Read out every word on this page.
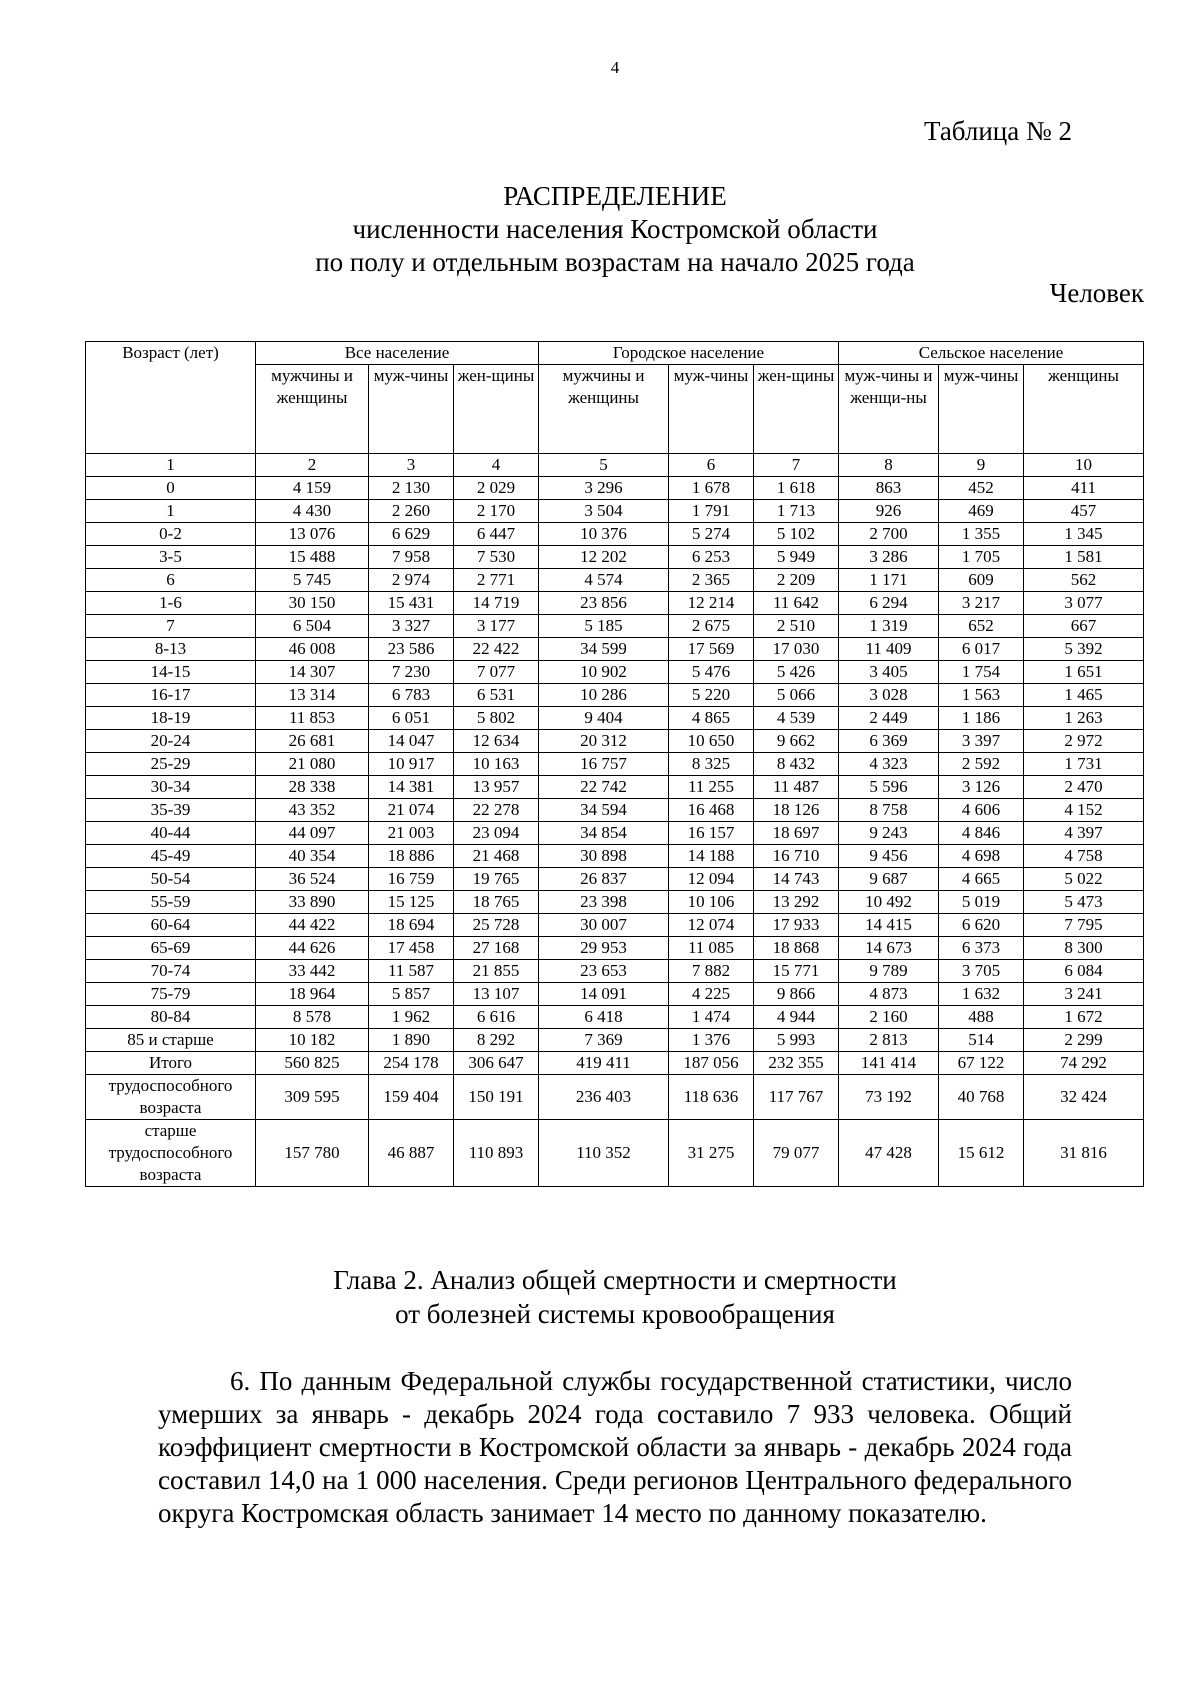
4
Таблица № 2
РАСПРЕДЕЛЕНИЕ
численности населения Костромской области
по полу и отдельным возрастам на начало 2025 года
Человек
Возраст (лет)	Все население			Городское население			Сельское население		
	мужчины и женщины	муж-чины	жен-щины	мужчины и женщины	муж-чины	жен-щины	муж-чины и женщи-ны	муж-чины	женщины
1	2	3	4	5	6	7	8	9	10
0	4 159	2 130	2 029	3 296	1 678	1 618	863	452	411
1	4 430	2 260	2 170	3 504	1 791	1 713	926	469	457
0-2	13 076	6 629	6 447	10 376	5 274	5 102	2 700	1 355	1 345
3-5	15 488	7 958	7 530	12 202	6 253	5 949	3 286	1 705	1 581
6	5 745	2 974	2 771	4 574	2 365	2 209	1 171	609	562
1-6	30 150	15 431	14 719	23 856	12 214	11 642	6 294	3 217	3 077
7	6 504	3 327	3 177	5 185	2 675	2 510	1 319	652	667
8-13	46 008	23 586	22 422	34 599	17 569	17 030	11 409	6 017	5 392
14-15	14 307	7 230	7 077	10 902	5 476	5 426	3 405	1 754	1 651
16-17	13 314	6 783	6 531	10 286	5 220	5 066	3 028	1 563	1 465
18-19	11 853	6 051	5 802	9 404	4 865	4 539	2 449	1 186	1 263
20-24	26 681	14 047	12 634	20 312	10 650	9 662	6 369	3 397	2 972
25-29	21 080	10 917	10 163	16 757	8 325	8 432	4 323	2 592	1 731
30-34	28 338	14 381	13 957	22 742	11 255	11 487	5 596	3 126	2 470
35-39	43 352	21 074	22 278	34 594	16 468	18 126	8 758	4 606	4 152
40-44	44 097	21 003	23 094	34 854	16 157	18 697	9 243	4 846	4 397
45-49	40 354	18 886	21 468	30 898	14 188	16 710	9 456	4 698	4 758
50-54	36 524	16 759	19 765	26 837	12 094	14 743	9 687	4 665	5 022
55-59	33 890	15 125	18 765	23 398	10 106	13 292	10 492	5 019	5 473
60-64	44 422	18 694	25 728	30 007	12 074	17 933	14 415	6 620	7 795
65-69	44 626	17 458	27 168	29 953	11 085	18 868	14 673	6 373	8 300
70-74	33 442	11 587	21 855	23 653	7 882	15 771	9 789	3 705	6 084
75-79	18 964	5 857	13 107	14 091	4 225	9 866	4 873	1 632	3 241
80-84	8 578	1 962	6 616	6 418	1 474	4 944	2 160	488	1 672
85 и старше	10 182	1 890	8 292	7 369	1 376	5 993	2 813	514	2 299
Итого	560 825	254 178	306 647	419 411	187 056	232 355	141 414	67 122	74 292
трудоспособного возраста	309 595	159 404	150 191	236 403	118 636	117 767	73 192	40 768	32 424
старше трудоспособного возраста	157 780	46 887	110 893	110 352	31 275	79 077	47 428	15 612	31 816
Глава 2. Анализ общей смертности и смертности
от болезней системы кровообращения
6. По данным Федеральной службы государственной статистики, число умерших за январь - декабрь 2024 года составило 7 933 человека. Общий коэффициент смертности в Костромской области за январь - декабрь 2024 года составил 14,0 на 1 000 населения. Среди регионов Центрального федерального округа Костромская область занимает 14 место по данному показателю.
